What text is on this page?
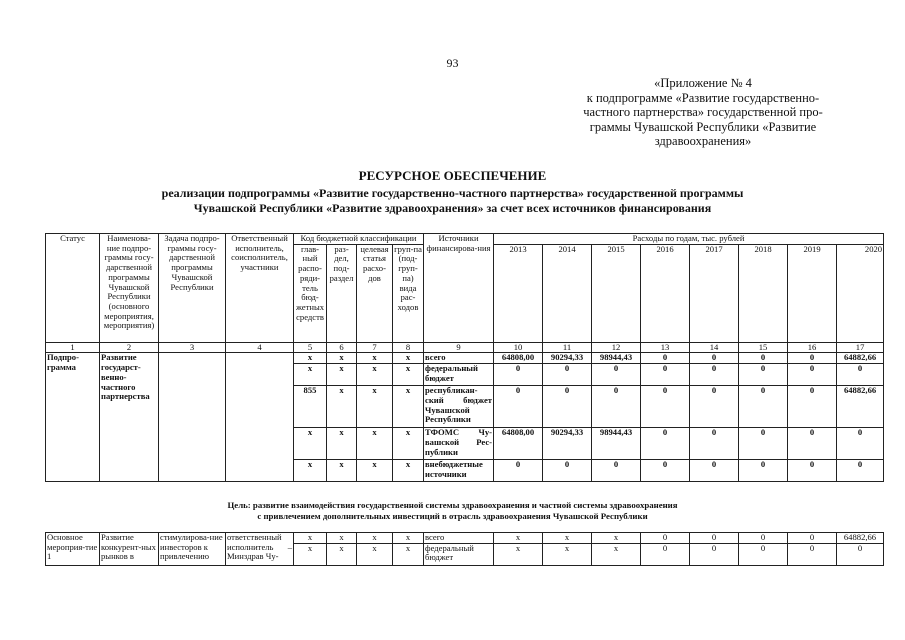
93
«Приложение № 4
к подпрограмме «Развитие государственно-
частного партнерства» государственной про-
граммы Чувашской Республики «Развитие
здравоохранения»
РЕСУРСНОЕ ОБЕСПЕЧЕНИЕ
реализации подпрограммы «Развитие государственно-частного партнерства» государственной программы
Чувашской Республики «Развитие здравоохранения» за счет всех источников финансирования
Статус	Наименова-ние подпро-граммы госу-дарственной программы Чувашской Республики (основного мероприятия, мероприятия)	Задача подпро-граммы госу-дарственной программы Чувашской Республики	Ответственный исполнитель, соисполнитель, участники	Код бюджетной классификации				Источники финансирова-ния	Расходы по годам, тыс. рублей							
				глав-ный распо-ряди-тель бюд-жетных средств	раз-дел, под-раздел	целевая статья расхо-дов	груп-па (под-груп-па) вида рас-ходов		2013	2014	2015	2016	2017	2018	2019	2020
1	2	3	4	5	6	7	8	9	10	11	12	13	14	15	16	17
Подпро-грамма	Развитие государст-венно-частного партнерства			х	х	х	х	всего	64808,00	90294,33	98944,43	0	0	0	0	64882,66
				х	х	х	х	федеральный бюджет	0	0	0	0	0	0	0	0
				855	х	х	х	республикан-ский бюджет Чувашской Республики	0	0	0	0	0	0	0	64882,66
				х	х	х	х	ТФОМС Чу-вашской Рес-публики	64808,00	90294,33	98944,43	0	0	0	0	0
				х	х	х	х	внебюджетные источники	0	0	0	0	0	0	0	0
Цель: развитие взаимодействия государственной системы здравоохранения и частной системы здравоохранения
с привлечением дополнительных инвестиций в отрасль здравоохранения Чувашской Республики
Основное мероприя-тие 1	Развитие конкурент-ных рынков в	стимулирова-ние инвесторов к привлечению	ответственный исполнитель – Минздрав Чу-	х	х	х	х	всего	х	х	х	0	0	0	0	64882,66
				х	х	х	х	федеральный бюджет	х	х	х	0	0	0	0	0
